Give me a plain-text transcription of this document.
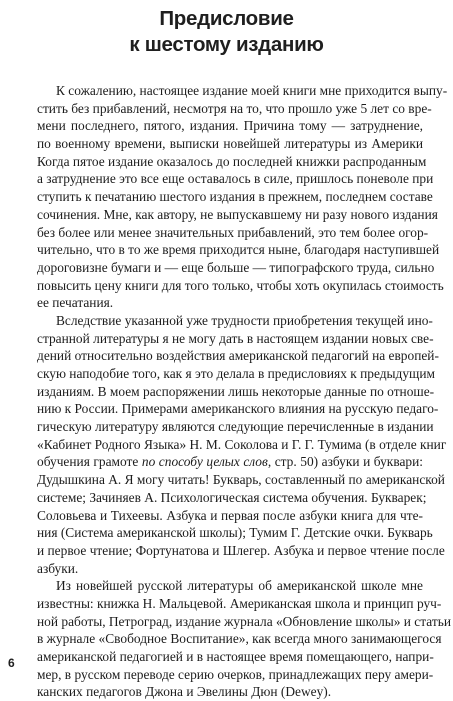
Предисловие
к шестому изданию
К сожалению, настоящее издание моей книги мне приходится выпу-
стить без прибавлений, несмотря на то, что прошло уже 5 лет со вре-
мени последнего, пятого, издания. Причина тому — затруднение,
по военному времени, выписки новейшей литературы из Америки
Когда пятое издание оказалось до последней книжки распроданным
а затруднение это все еще оставалось в силе, пришлось поневоле при
ступить к печатанию шестого издания в прежнем, последнем составе
сочинения. Мне, как автору, не выпускавшему ни разу нового издания
без более или менее значительных прибавлений, это тем более огор-
чительно, что в то же время приходится ныне, благодаря наступившей
дороговизне бумаги и — еще больше — типографского труда, сильно
повысить цену книги для того только, чтобы хоть окупилась стоимость
ее печатания.
Вследствие указанной уже трудности приобретения текущей ино-
странной литературы я не могу дать в настоящем издании новых све-
дений относительно воздействия американской педагогий на европей-
скую наподобие того, как я это делала в предисловиях к предыдущим
изданиям. В моем распоряжении лишь некоторые данные по отноше-
нию к России. Примерами американского влияния на русскую педаго-
гическую литературу являются следующие перечисленные в издании
«Кабинет Родного Языка» Н. М. Соколова и Г. Г. Тумима (в отделе книг
обучения грамоте по способу целых слов, стр. 50) азбуки и буквари:
Дудышкина А. Я могу читать! Букварь, составленный по американской
системе; Зачиняев А. Психологическая система обучения. Букварек;
Соловьева и Тихеевы. Азбука и первая после азбуки книга для чте-
ния (Система американской школы); Тумим Г. Детские очки. Букварь
и первое чтение; Фортунатова и Шлегер. Азбука и первое чтение после
азбуки.
Из новейшей русской литературы об американской школе мне
известны: книжка Н. Мальцевой. Американская школа и принцип руч-
ной работы, Петроград, издание журнала «Обновление школы» и статьи
в журнале «Свободное Воспитание», как всегда много занимающегося
американской педагогией и в настоящее время помещающего, напри-
мер, в русском переводе серию очерков, принадлежащих перу амери-
канских педагогов Джона и Эвелины Дюн (Dewey).
6
